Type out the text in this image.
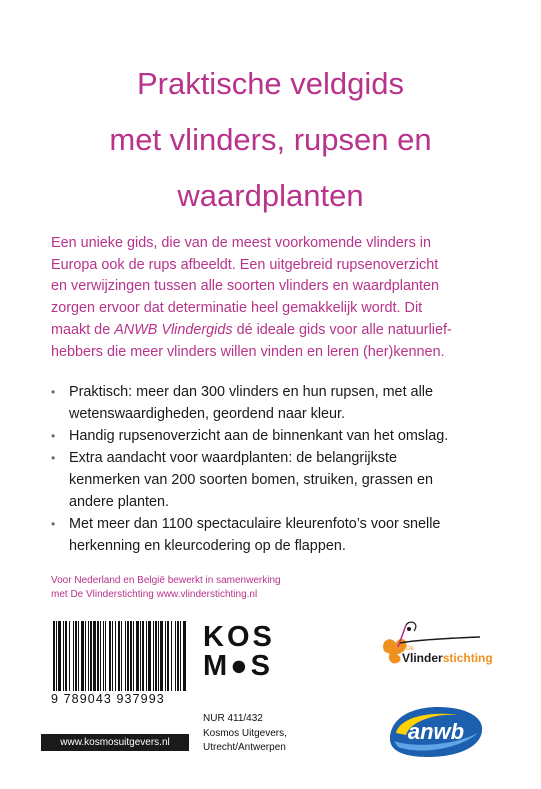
Praktische veldgids
met vlinders, rupsen en
waardplanten
Een unieke gids, die van de meest voorkomende vlinders in
Europa ook de rups afbeeldt. Een uitgebreid rupsenoverzicht
en verwijzingen tussen alle soorten vlinders en waardplanten
zorgen ervoor dat determinatie heel gemakkelijk wordt. Dit
maakt de ANWB Vlindergids dé ideale gids voor alle natuurlief-
hebbers die meer vlinders willen vinden en leren (her)kennen.
• Praktisch: meer dan 300 vlinders en hun rupsen, met alle
wetenswaardigheden, geordend naar kleur.
• Handig rupsenoverzicht aan de binnenkant van het omslag.
• Extra aandacht voor waardplanten: de belangrijkste
kenmerken van 200 soorten bomen, struiken, grassen en
andere planten.
• Met meer dan 1100 spectaculaire kleurenfoto’s voor snelle
herkenning en kleurcodering op de flappen.
Voor Nederland en België bewerkt in samenwerking
met De Vlinderstichting www.vlinderstichting.nl
9 789043 937993
www.kosmosuitgevers.nl
KOS
M●S
NUR 411/432
Kosmos Uitgevers,
Utrecht/Antwerpen
De
Vlinderstichting
anwb
